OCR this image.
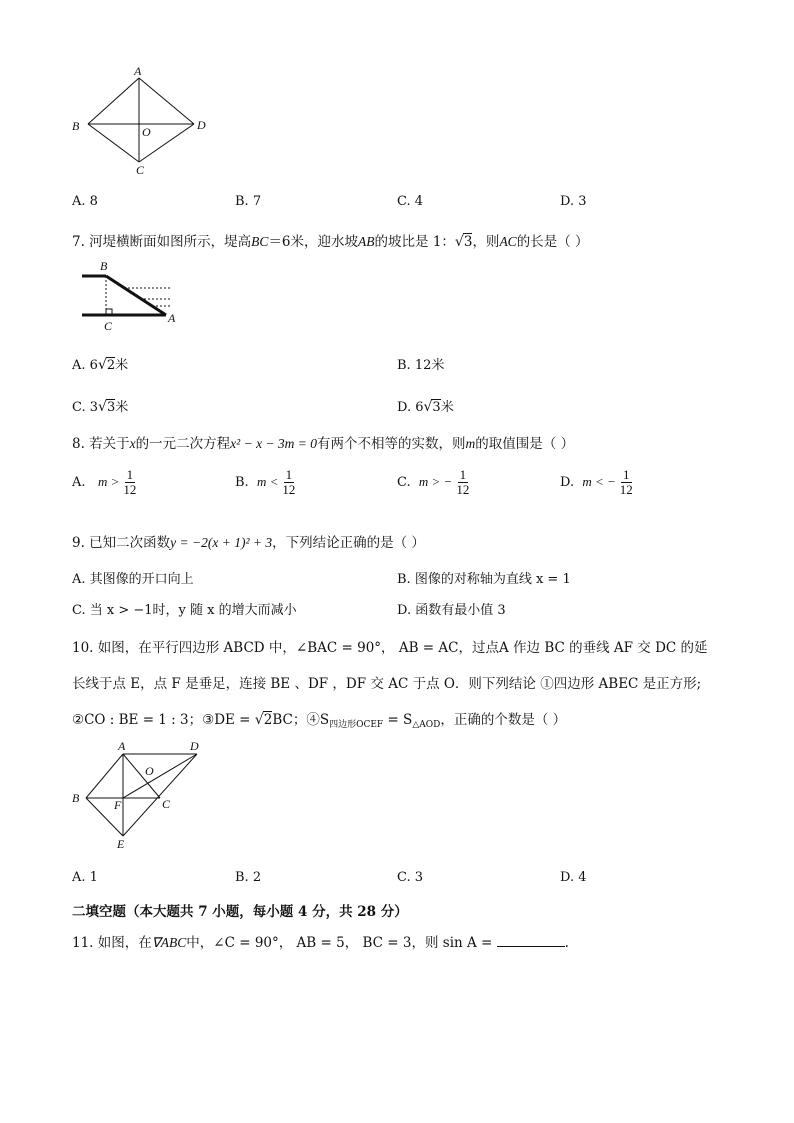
A
B	D
C
O
A. 8	B. 7	C. 4	D. 3
7. 河堤横断面如图所示，堤高BC＝6米，迎水坡AB的坡比是 1：√3，则AC的长是（ ）
B
C
A
A. 6√2米	B. 12米
C. 3√3米	D. 6√3米
8. 若关于x的一元二次方程x² − x − 3m = 0有两个不相等的实数，则m的取值围是（ ）
A. $m > \frac{1}{12}$	B. $m < \frac{1}{12}$	C. m > − $\frac{1}{12}$	D. m < − $\frac{1}{12}$
9. 已知二次函数y = −2(x + 1)² + 3，下列结论正确的是（ ）
A. 其图像的开口向上	B. 图像的对称轴为直线 x = 1
C. 当 x > −1时，y 随 x 的增大而减小	D. 函数有最小值 3
10. 如图，在平行四边形 ABCD 中，∠BAC = 90°， AB = AC，过点A 作边 BC 的垂线 AF 交 DC 的延
长线于点 E，点 F 是垂足，连接 BE 、DF ，DF 交 AC 于点 O．则下列结论 ①四边形 ABEC 是正方形;
②CO : BE = 1 : 3；③DE = √2BC；$④S_{四边形OCEF} = S_{\triangle AOD}$，正确的个数是（ ）
A	D
O
B	F	C
E
A. 1	B. 2	C. 3	D. 4
二填空题（本大题共 7 小题，每小题 4 分，共 28 分）
11. 如图，在∇ABC中，∠C = 90°， AB = 5， BC = 3，则 sin A =	.
